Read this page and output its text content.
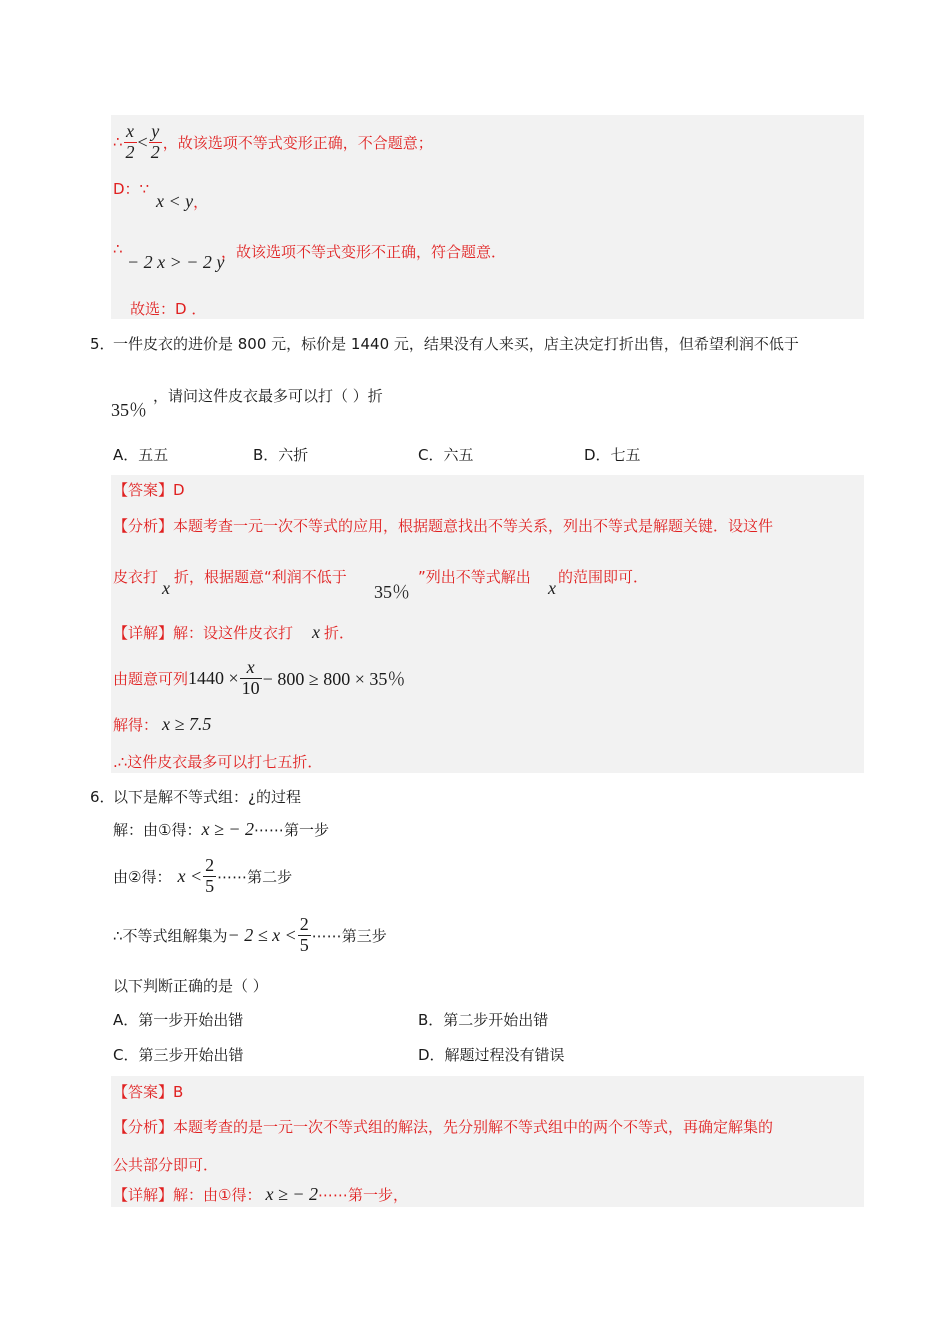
∴ $\frac{x}{2} < \frac{y}{2}$ ，故该选项不等式变形正确，不合题意；
D：∵
x < y，
∴
− 2 x > − 2 y
，故该选项不等式变形不正确，符合题意．
故选：D ．
5．
一件皮衣的进价是 800 元，标价是 1440 元，结果没有人来买，店主决定打折出售，但希望利润不低于
35％
，请问这件皮衣最多可以打（ ）折
A．五五	B．六折	C．六五	D．七五
【答案】D
【分析】本题考查一元一次不等式的应用，根据题意找出不等关系，列出不等式是解题关键．设这件
皮衣打
x
折，根据题意“利润不低于
35％
”列出不等式解出
x
的范围即可．
【详解】解：设这件皮衣打 x 折．
由题意可列 $1440 \times \frac{x}{10} - 800 \ge 800 \times 35$％
解得： x ≥ 7.5
.∴这件皮衣最多可以打七五折．
6．
以下是解不等式组：¿的过程
解：由①得： x ≥ − 2 ⋯⋯第一步
由②得： $x < \frac{2}{5}$ ⋯⋯第二步
∴不等式组解集为 − $2 \le x < \frac{2}{5}$ ⋯⋯第三步
以下判断正确的是（ ）
A．第一步开始出错	B．第二步开始出错
C．第三步开始出错	D．解题过程没有错误
【答案】B
【分析】本题考查的是一元一次不等式组的解法，先分别解不等式组中的两个不等式，再确定解集的
公共部分即可．
【详解】 解：由①得： x ≥ − 2 ⋯⋯第一步，
